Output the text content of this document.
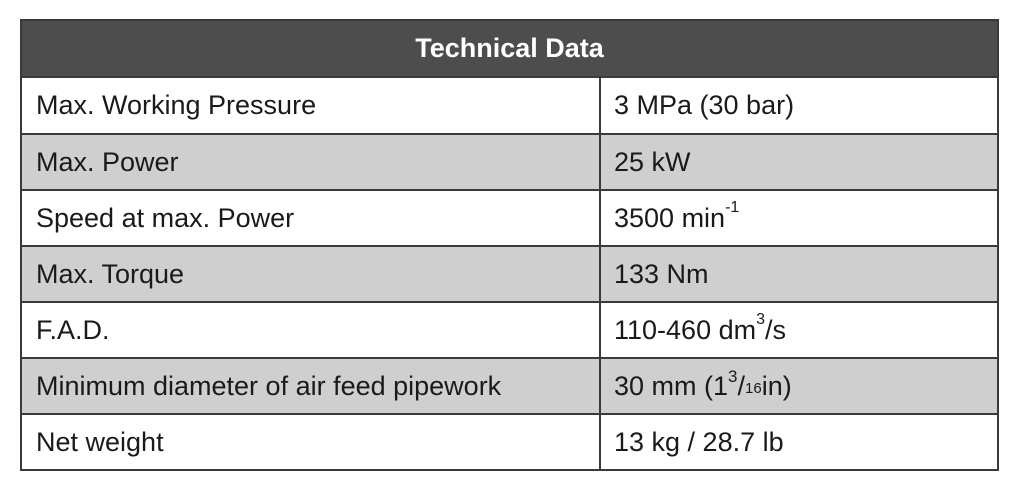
Technical Data
Max. Working Pressure	3 MPa (30 bar)
Max. Power	25 kW
Speed at max. Power	3500 min -1
Max. Torque	133 Nm
F.A.D.	110-460 dm 3 /s
Minimum diameter of air feed pipework	30 mm (1 3 / 16 in)
Net weight	13 kg / 28.7 lb
